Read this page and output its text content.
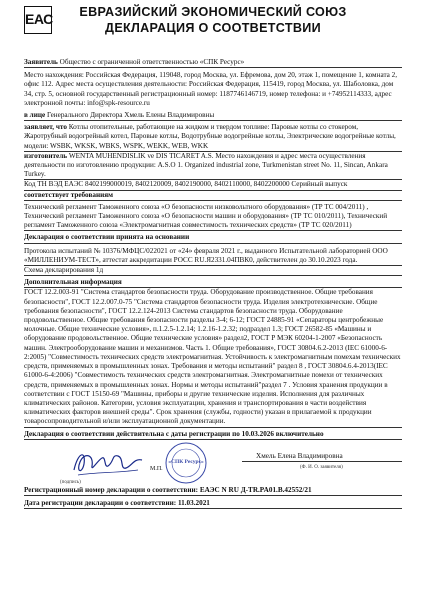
ЕАС	ЕВРАЗИЙСКИЙ ЭКОНОМИЧЕСКИЙ СОЮЗ
ДЕКЛАРАЦИЯ О СООТВЕТСТВИИ
Заявитель Общество с ограниченной ответственностью «СПК Ресурс»
Место нахождения: Российская Федерация, 119048, город Москва, ул. Ефремова, дом 20, этаж 1, помещение 1, комната 2, офис 112. Адрес места осуществления деятельности: Российская Федерация, 115419, город Москва, ул. Шаболовка, дом 34, стр. 5, основной государственный регистрационный номер: 1187746146719, номер телефона: и +74952114333, адрес электронной почты: info@spk-resource.ru
в лице Генерального Директора Хмель Елены Владимировны
заявляет, что Котлы отопительные, работающие на жидком и твердом топливе: Паровые котлы со стокером, Жаротрубный водогрейный котел, Паровые котлы, Водотрубные водогрейные котлы, Электрические водогрейные котлы, модели: WSBK, WKSK, WBKS, WSPK, WEKK, WEB, WKK
изготовитель WENTA MUHENDISLIK ve DIS TICARET A.S. Место нахождения и адрес места осуществления деятельности по изготовлению продукции: A.S.O 1. Organized industrial zone, Turkmenistan street No. 11, Sincan, Ankara Turkey.
Код ТН ВЭД ЕАЭС 8402199000019, 8402120009, 8402190000, 8402110000, 8402200000 Серийный выпуск
соответствует требованиям
Технический регламент Таможенного союза «О безопасности низковольтного оборудования» (ТР ТС 004/2011) , Технический регламент Таможенного союза «О безопасности машин и оборудования» (ТР ТС 010/2011), Технический регламент Таможенного союза «Электромагнитная совместимость технических средств» (ТР ТС 020/2011)
Декларация о соответствии принята на основании
Протокола испытаний № 10376/МФЦС/022021 от «24» февраля 2021 г., выданного Испытательной лабораторией ООО «МИЛЛЕНИУМ-ТЕСТ», аттестат аккредитации РОСС RU.Я2331.04ПВК0, действителен до 30.10.2023 года.
Схема декларирования 1д
Дополнительная информация
ГОСТ 12.2.003-91 "Система стандартов безопасности труда. Оборудование производственное. Общие требования безопасности", ГОСТ 12.2.007.0-75 "Система стандартов безопасности труда. Изделия электротехнические. Общие требования безопасности", ГОСТ 12.2.124-2013 Система стандартов безопасности труда. Оборудование продовольственное. Общие требования безопасности разделы 3-4; 6-12; ГОСТ 24885-91 «Сепараторы центробежные молочные. Общие технические условия», п.1.2.5-1.2.14; 1.2.16-1.2.32; подраздел 1.3; ГОСТ 26582-85 «Машины и оборудование продовольственное. Общие технические условия» раздел2, ГОСТ Р МЭК 60204-1-2007 «Безопасность машин. Электрооборудование машин и механизмов. Часть 1. Общие требования», ГОСТ 30804.6.2-2013 (IEC 61000-6-2:2005) "Совместимость технических средств электромагнитная. Устойчивость к электромагнитным помехам технических средств, применяемых в промышленных зонах. Требования и методы испытаний" раздел 8 , ГОСТ 30804.6.4-2013(IEC 61000-6-4:2006) "Совместимость технических средств электромагнитная. Электромагнитные помехи от технических средств, применяемых в промышленных зонах. Нормы и методы испытаний"раздел 7 . Условия хранения продукции в соответствии с ГОСТ 15150-69 "Машины, приборы и другие технические изделия. Исполнения для различных климатических районов. Категории, условия эксплуатации, хранения и транспортирования в части воздействия климатических факторов внешней среды". Срок хранения (службы, годности) указан в прилагаемой к продукции товаросопроводительной и/или эксплуатационной документации.
Декларация о соответствии действительна с даты регистрации по 10.03.2026 включительно
«СПК Ресурс»
М.П.
Хмель Елена Владимировна
(подпись)
(Ф. И. О. заявителя)
Регистрационный номер декларации о соответствии: ЕАЭС N RU Д-TR.PA01.B.42552/21
Дата регистрации декларации о соответствии: 11.03.2021
